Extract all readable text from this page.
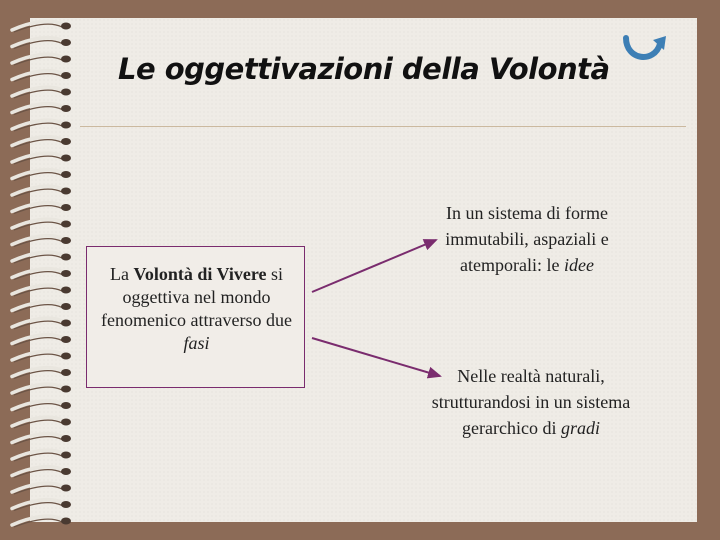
Le oggettivazioni della Volontà
La Volontà di Vivere si oggettiva nel mondo fenomenico attraverso due fasi
In un sistema di forme immutabili, aspaziali e atemporali: le idee
Nelle realtà naturali, strutturandosi in un sistema gerarchico di gradi
